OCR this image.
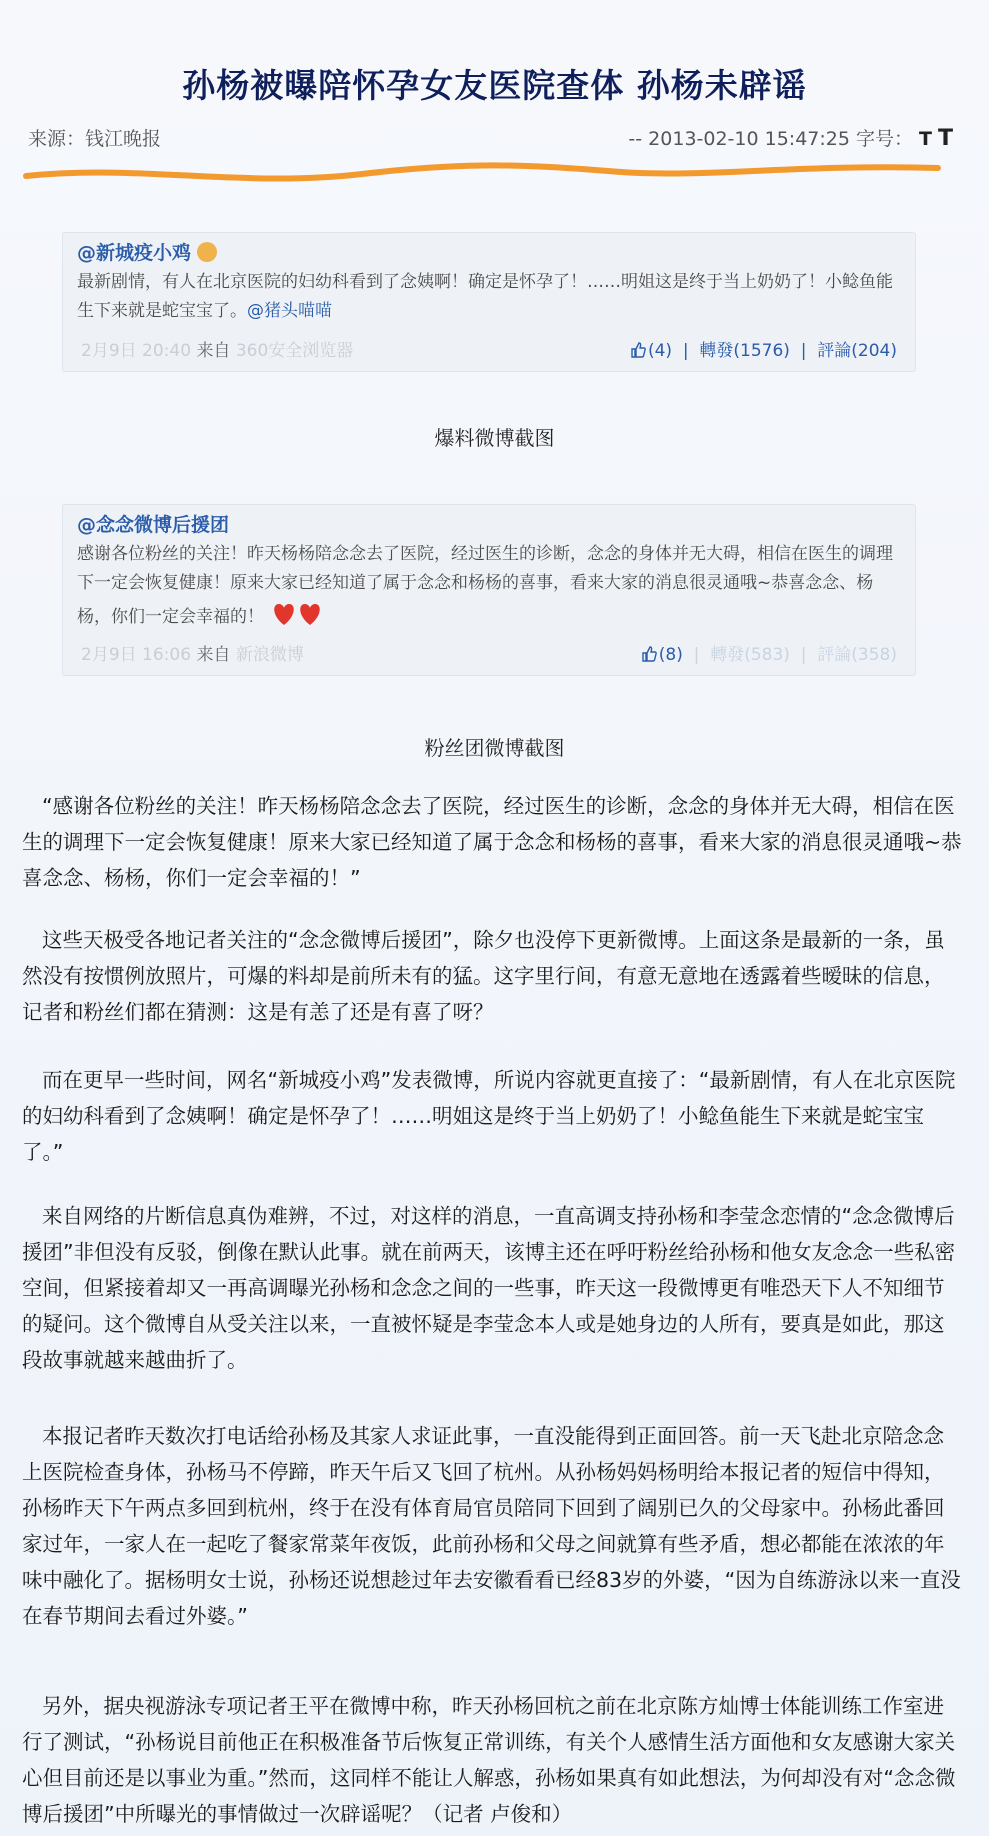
孙杨被曝陪怀孕女友医院查体 孙杨未辟谣
来源：钱江晚报	-- 2013-02-10 15:47:25 字号： T T
@新城疫小鸡
最新剧情，有人在北京医院的妇幼科看到了念姨啊！确定是怀孕了！……明姐这是终于当上奶奶了！小鲶鱼能生下来就是蛇宝宝了。@猪头喵喵
2月9日 20:40 来自 360安全浏览器	(4)  |  轉發(1576)  |  評論(204)
爆料微博截图
@念念微博后援团
感谢各位粉丝的关注！昨天杨杨陪念念去了医院，经过医生的诊断，念念的身体并无大碍，相信在医生的调理下一定会恢复健康！原来大家已经知道了属于念念和杨杨的喜事，看来大家的消息很灵通哦~恭喜念念、杨杨，你们一定会幸福的！
2月9日 16:06 来自 新浪微博	(8)  |  轉發(583)  |  評論(358)
粉丝团微博截图

“感谢各位粉丝的关注！昨天杨杨陪念念去了医院，经过医生的诊断，念念的身体并无大碍，相信在医生的调理下一定会恢复健康！原来大家已经知道了属于念念和杨杨的喜事，看来大家的消息很灵通哦~恭喜念念、杨杨，你们一定会幸福的！”

这些天极受各地记者关注的“念念微博后援团”，除夕也没停下更新微博。上面这条是最新的一条，虽然没有按惯例放照片，可爆的料却是前所未有的猛。这字里行间，有意无意地在透露着些暧昧的信息，记者和粉丝们都在猜测：这是有恙了还是有喜了呀？

而在更早一些时间，网名“新城疫小鸡”发表微博，所说内容就更直接了：“最新剧情，有人在北京医院的妇幼科看到了念姨啊！确定是怀孕了！……明姐这是终于当上奶奶了！小鲶鱼能生下来就是蛇宝宝了。”

来自网络的片断信息真伪难辨，不过，对这样的消息，一直高调支持孙杨和李莹念恋情的“念念微博后援团”非但没有反驳，倒像在默认此事。就在前两天，该博主还在呼吁粉丝给孙杨和他女友念念一些私密空间，但紧接着却又一再高调曝光孙杨和念念之间的一些事，昨天这一段微博更有唯恐天下人不知细节的疑问。这个微博自从受关注以来，一直被怀疑是李莹念本人或是她身边的人所有，要真是如此，那这段故事就越来越曲折了。

本报记者昨天数次打电话给孙杨及其家人求证此事，一直没能得到正面回答。前一天飞赴北京陪念念上医院检查身体，孙杨马不停蹄，昨天午后又飞回了杭州。从孙杨妈妈杨明给本报记者的短信中得知，孙杨昨天下午两点多回到杭州，终于在没有体育局官员陪同下回到了阔别已久的父母家中。孙杨此番回家过年，一家人在一起吃了餐家常菜年夜饭，此前孙杨和父母之间就算有些矛盾，想必都能在浓浓的年味中融化了。据杨明女士说，孙杨还说想趁过年去安徽看看已经83岁的外婆，“因为自练游泳以来一直没在春节期间去看过外婆。”

另外，据央视游泳专项记者王平在微博中称，昨天孙杨回杭之前在北京陈方灿博士体能训练工作室进行了测试，“孙杨说目前他正在积极准备节后恢复正常训练，有关个人感情生活方面他和女友感谢大家关心但目前还是以事业为重。”然而，这同样不能让人解惑，孙杨如果真有如此想法，为何却没有对“念念微博后援团”中所曝光的事情做过一次辟谣呢？（记者 卢俊和）
